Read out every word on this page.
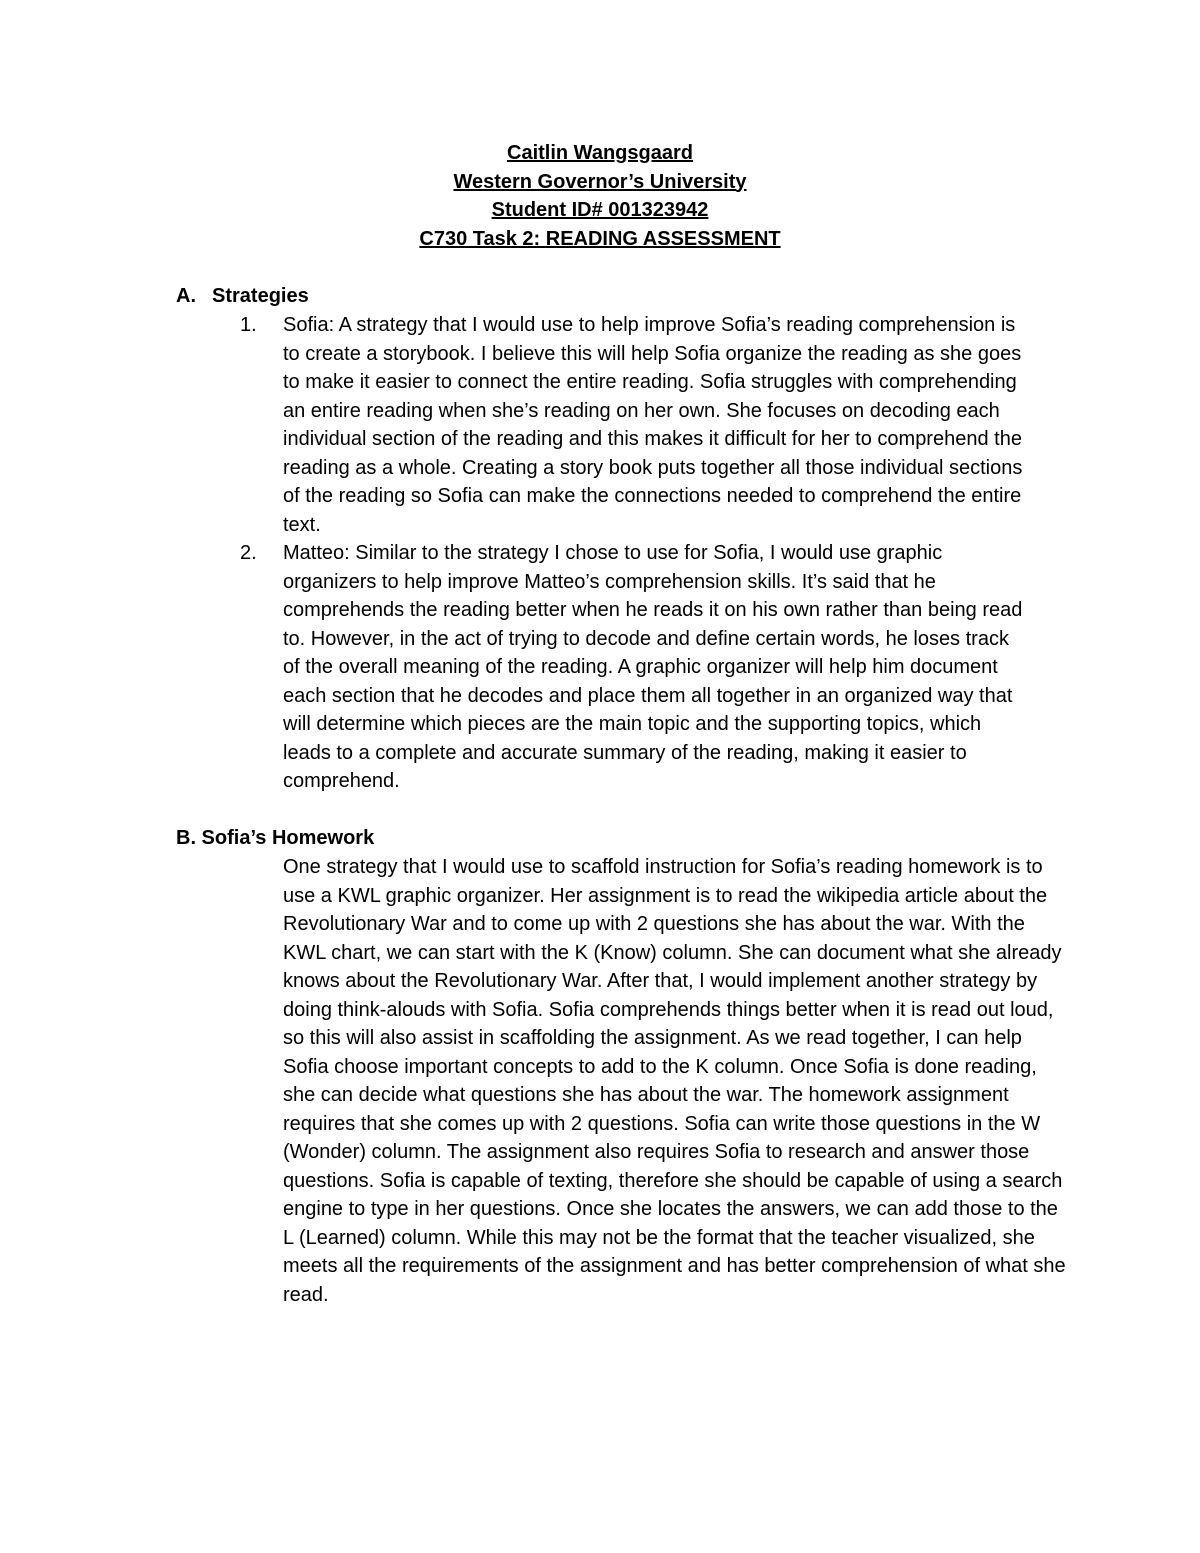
Caitlin Wangsgaard
Western Governor’s University
Student ID# 001323942
C730 Task 2: READING ASSESSMENT
A. Strategies
1.	Sofia: A strategy that I would use to help improve Sofia’s reading comprehension is to create a storybook. I believe this will help Sofia organize the reading as she goes to make it easier to connect the entire reading. Sofia struggles with comprehending an entire reading when she’s reading on her own. She focuses on decoding each individual section of the reading and this makes it difficult for her to comprehend the reading as a whole. Creating a story book puts together all those individual sections of the reading so Sofia can make the connections needed to comprehend the entire text.
2.	Matteo: Similar to the strategy I chose to use for Sofia, I would use graphic organizers to help improve Matteo’s comprehension skills. It’s said that he comprehends the reading better when he reads it on his own rather than being read to. However, in the act of trying to decode and define certain words, he loses track of the overall meaning of the reading. A graphic organizer will help him document each section that he decodes and place them all together in an organized way that will determine which pieces are the main topic and the supporting topics, which leads to a complete and accurate summary of the reading, making it easier to comprehend.
B. Sofia’s Homework
One strategy that I would use to scaffold instruction for Sofia’s reading homework is to use a KWL graphic organizer. Her assignment is to read the wikipedia article about the Revolutionary War and to come up with 2 questions she has about the war. With the KWL chart, we can start with the K (Know) column. She can document what she already knows about the Revolutionary War. After that, I would implement another strategy by doing think-alouds with Sofia. Sofia comprehends things better when it is read out loud, so this will also assist in scaffolding the assignment. As we read together, I can help Sofia choose important concepts to add to the K column. Once Sofia is done reading, she can decide what questions she has about the war. The homework assignment requires that she comes up with 2 questions. Sofia can write those questions in the W (Wonder) column. The assignment also requires Sofia to research and answer those questions. Sofia is capable of texting, therefore she should be capable of using a search engine to type in her questions. Once she locates the answers, we can add those to the L (Learned) column. While this may not be the format that the teacher visualized, she meets all the requirements of the assignment and has better comprehension of what she read.
